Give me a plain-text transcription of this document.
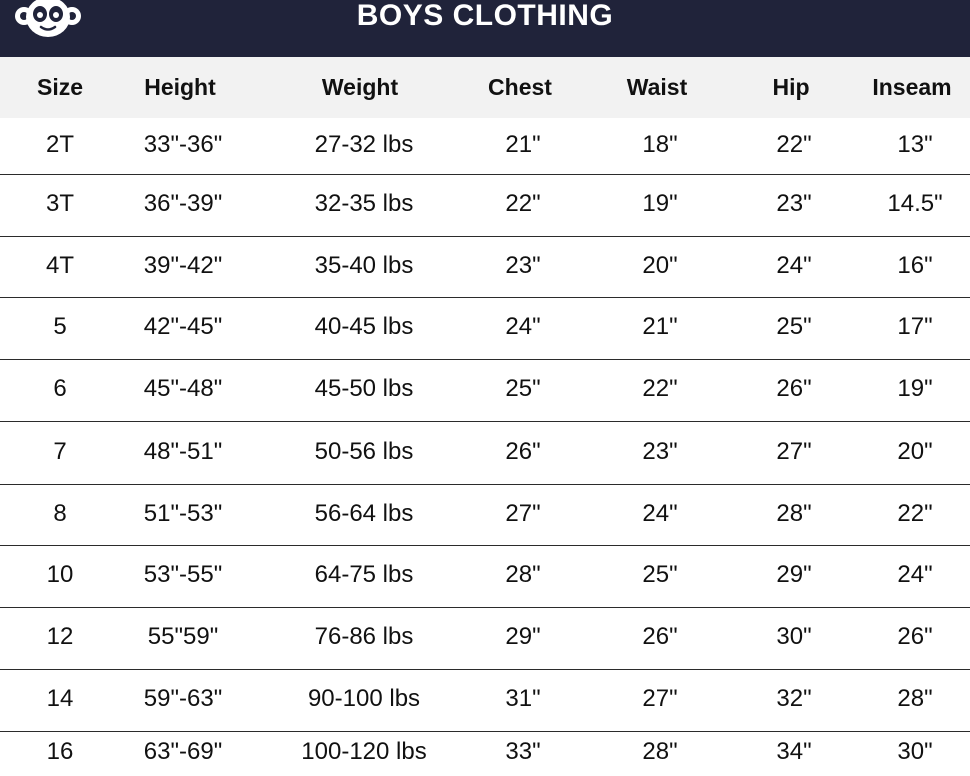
BOYS CLOTHING
Size	Height	Weight	Chest	Waist	Hip	Inseam
2T	33"-36"	27-32 lbs	21"	18"	22"	13"
3T	36"-39"	32-35 lbs	22"	19"	23"	14.5"
4T	39"-42"	35-40 lbs	23"	20"	24"	16"
5	42"-45"	40-45 lbs	24"	21"	25"	17"
6	45"-48"	45-50 lbs	25"	22"	26"	19"
7	48"-51"	50-56 lbs	26"	23"	27"	20"
8	51"-53"	56-64 lbs	27"	24"	28"	22"
10	53"-55"	64-75 lbs	28"	25"	29"	24"
12	55"59"	76-86 lbs	29"	26"	30"	26"
14	59"-63"	90-100 lbs	31"	27"	32"	28"
16	63"-69"	100-120 lbs	33"	28"	34"	30"
